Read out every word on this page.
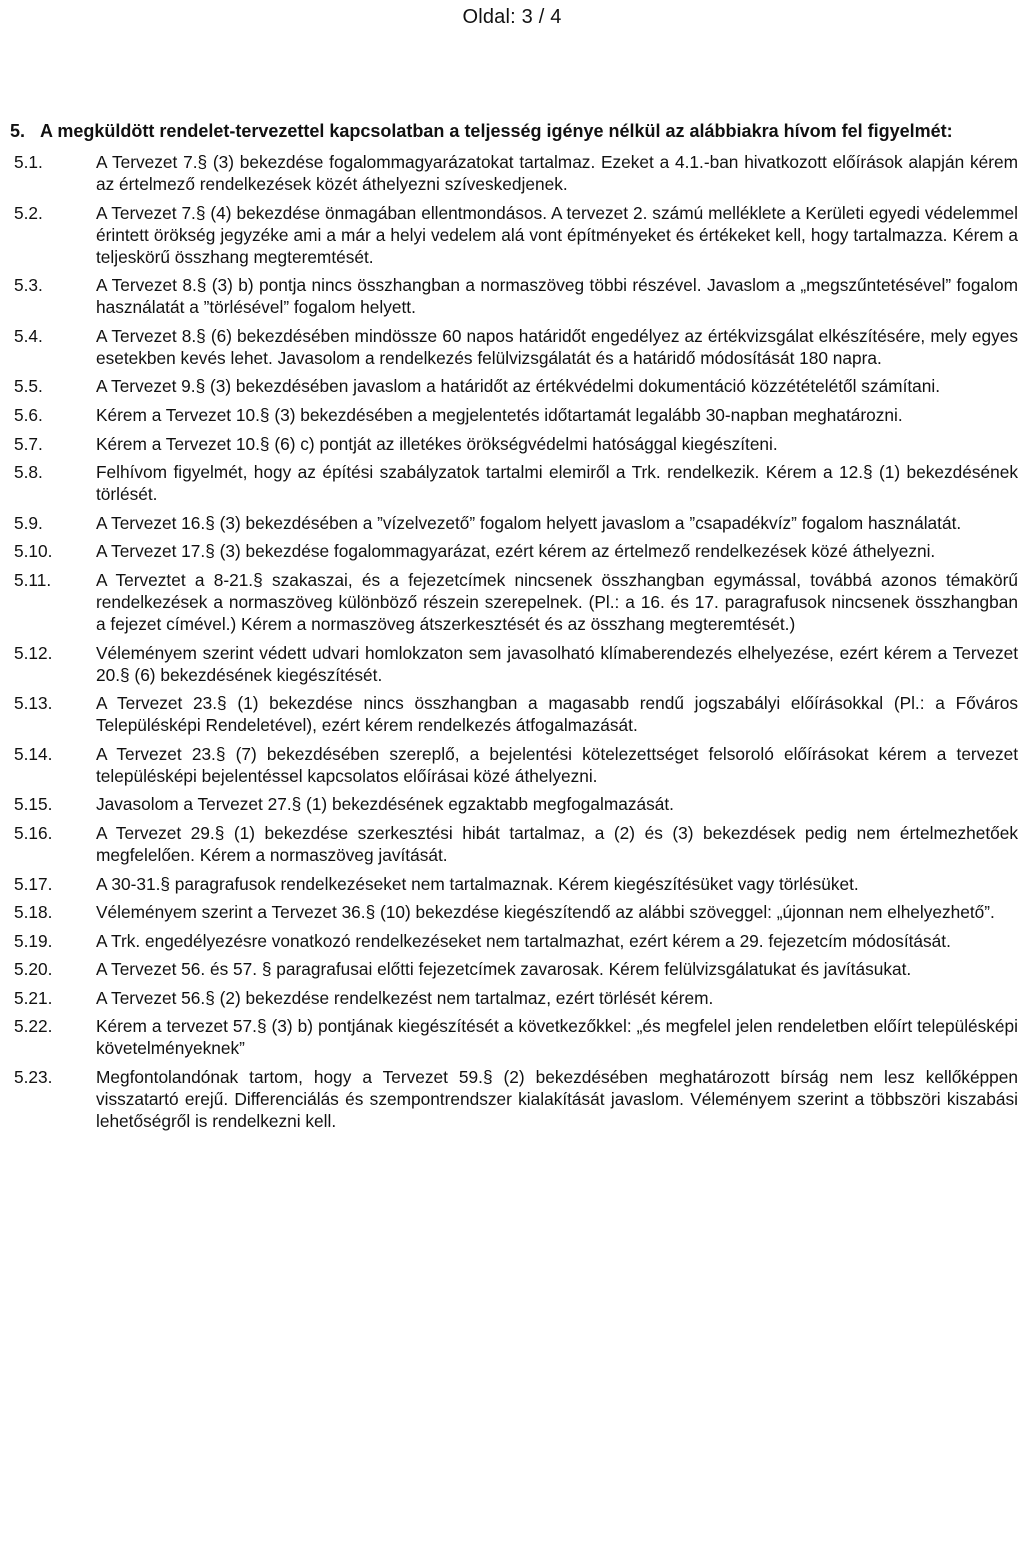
Oldal: 3 / 4
5. A megküldött rendelet-tervezettel kapcsolatban a teljesség igénye nélkül az alábbiakra hívom fel figyelmét:
5.1.	A Tervezet 7.§ (3) bekezdése fogalommagyarázatokat tartalmaz. Ezeket a 4.1.-ban hivatkozott előírások alapján kérem az értelmező rendelkezések közét áthelyezni szíveskedjenek.
5.2.	A Tervezet 7.§ (4) bekezdése önmagában ellentmondásos. A tervezet 2. számú melléklete a Kerületi egyedi védelemmel érintett örökség jegyzéke ami a már a helyi vedelem alá vont építményeket és értékeket kell, hogy tartalmazza. Kérem a teljeskörű összhang megteremtését.
5.3.	A Tervezet 8.§ (3) b) pontja nincs összhangban a normaszöveg többi részével. Javaslom a „megszűntetésével” fogalom használatát a ”törlésével” fogalom helyett.
5.4.	A Tervezet 8.§ (6) bekezdésében mindössze 60 napos határidőt engedélyez az értékvizsgálat elkészítésére, mely egyes esetekben kevés lehet. Javasolom a rendelkezés felülvizsgálatát és a határidő módosítását 180 napra.
5.5.	A Tervezet 9.§ (3) bekezdésében javaslom a határidőt az értékvédelmi dokumentáció közzétételétől számítani.
5.6.	Kérem a Tervezet 10.§ (3) bekezdésében a megjelentetés időtartamát legalább 30-napban meghatározni.
5.7.	Kérem a Tervezet 10.§ (6) c) pontját az illetékes örökségvédelmi hatósággal kiegészíteni.
5.8.	Felhívom figyelmét, hogy az építési szabályzatok tartalmi elemiről a Trk. rendelkezik. Kérem a 12.§ (1) bekezdésének törlését.
5.9.	A Tervezet 16.§ (3) bekezdésében a ”vízelvezető” fogalom helyett javaslom a ”csapadékvíz” fogalom használatát.
5.10.	A Tervezet 17.§ (3) bekezdése fogalommagyarázat, ezért kérem az értelmező rendelkezések közé áthelyezni.
5.11.	A Terveztet a 8-21.§ szakaszai, és a fejezetcímek nincsenek összhangban egymással, továbbá azonos témakörű rendelkezések a normaszöveg különböző részein szerepelnek. (Pl.: a 16. és 17. paragrafusok nincsenek összhangban a fejezet címével.) Kérem a normaszöveg átszerkesztését és az összhang megteremtését.)
5.12.	Véleményem szerint védett udvari homlokzaton sem javasolható klímaberendezés elhelyezése, ezért kérem a Tervezet 20.§ (6) bekezdésének kiegészítését.
5.13.	A Tervezet 23.§ (1) bekezdése nincs összhangban a magasabb rendű jogszabályi előírásokkal (Pl.: a Főváros Településképi Rendeletével), ezért kérem rendelkezés átfogalmazását.
5.14.	A Tervezet 23.§ (7) bekezdésében szereplő, a bejelentési kötelezettséget felsoroló előírásokat kérem a tervezet településképi bejelentéssel kapcsolatos előírásai közé áthelyezni.
5.15.	Javasolom a Tervezet 27.§ (1) bekezdésének egzaktabb megfogalmazását.
5.16.	A Tervezet 29.§ (1) bekezdése szerkesztési hibát tartalmaz, a (2) és (3) bekezdések pedig nem értelmezhetőek megfelelően. Kérem a normaszöveg javítását.
5.17.	A 30-31.§ paragrafusok rendelkezéseket nem tartalmaznak. Kérem kiegészítésüket vagy törlésüket.
5.18.	Véleményem szerint a Tervezet 36.§ (10) bekezdése kiegészítendő az alábbi szöveggel: „újonnan nem elhelyezhető”.
5.19.	A Trk. engedélyezésre vonatkozó rendelkezéseket nem tartalmazhat, ezért kérem a 29. fejezetcím módosítását.
5.20.	A Tervezet 56. és 57. § paragrafusai előtti fejezetcímek zavarosak. Kérem felülvizsgálatukat és javításukat.
5.21.	A Tervezet 56.§ (2) bekezdése rendelkezést nem tartalmaz, ezért törlését kérem.
5.22.	Kérem a tervezet 57.§ (3) b) pontjának kiegészítését a következőkkel: „és megfelel jelen rendeletben előírt településképi követelményeknek”
5.23.	Megfontolandónak tartom, hogy a Tervezet 59.§ (2) bekezdésében meghatározott bírság nem lesz kellőképpen visszatartó erejű. Differenciálás és szempontrendszer kialakítását javaslom. Véleményem szerint a többszöri kiszabási lehetőségről is rendelkezni kell.
